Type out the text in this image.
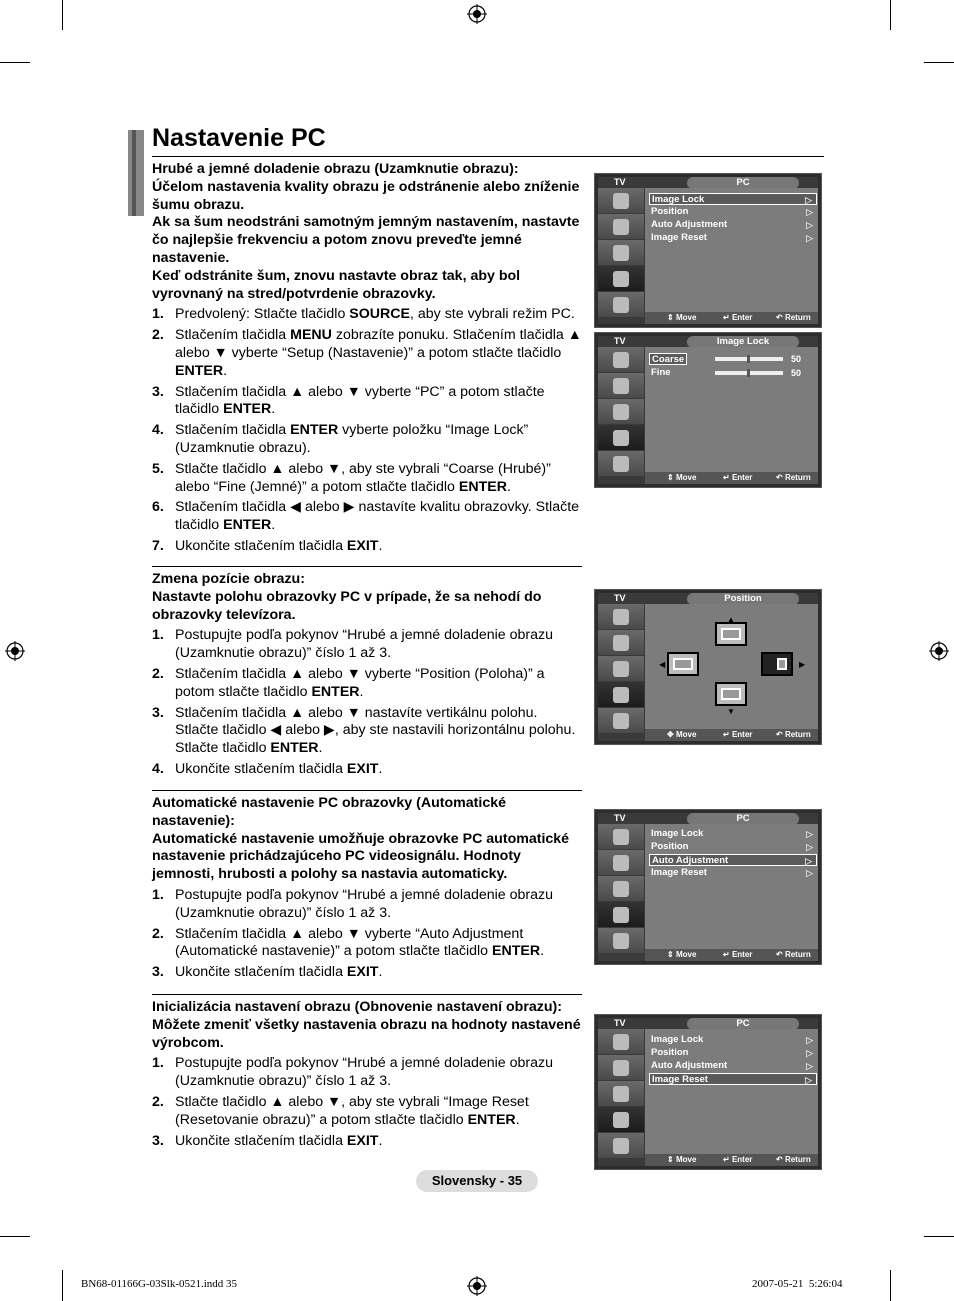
Nastavenie PC

Hrubé a jemné doladenie obrazu (Uzamknutie obrazu):

Účelom nastavenia kvality obrazu je odstránenie alebo zníženie šumu obrazu.

Ak sa šum neodstráni samotným jemným nastavením, nastavte čo najlepšie frekvenciu a potom znovu preveďte jemné nastavenie.

Keď odstránite šum, znovu nastavte obraz tak, aby bol vyrovnaný na stred/potvrdenie obrazovky.

1. Predvolený: Stlačte tlačidlo SOURCE, aby ste vybrali režim PC.
2. Stlačením tlačidla MENU zobrazíte ponuku. Stlačením tlačidla ▲ alebo ▼ vyberte “Setup (Nastavenie)” a potom stlačte tlačidlo ENTER.
3. Stlačením tlačidla ▲ alebo ▼ vyberte “PC” a potom stlačte tlačidlo ENTER.
4. Stlačením tlačidla ENTER vyberte položku “Image Lock” (Uzamknutie obrazu).
5. Stlačte tlačidlo ▲ alebo ▼, aby ste vybrali “Coarse (Hrubé)” alebo “Fine (Jemné)” a potom stlačte tlačidlo ENTER.
6. Stlačením tlačidla ◀ alebo ▶ nastavíte kvalitu obrazovky. Stlačte tlačidlo ENTER.
7. Ukončite stlačením tlačidla EXIT.

Zmena pozície obrazu:

Nastavte polohu obrazovky PC v prípade, že sa nehodí do obrazovky televízora.

1. Postupujte podľa pokynov “Hrubé a jemné doladenie obrazu (Uzamknutie obrazu)” číslo 1 až 3.
2. Stlačením tlačidla ▲ alebo ▼ vyberte “Position (Poloha)” a potom stlačte tlačidlo ENTER.
3. Stlačením tlačidla ▲ alebo ▼ nastavíte vertikálnu polohu. Stlačte tlačidlo ◀ alebo ▶, aby ste nastavili horizontálnu polohu. Stlačte tlačidlo ENTER.
4. Ukončite stlačením tlačidla EXIT.

Automatické nastavenie PC obrazovky (Automatické nastavenie):

Automatické nastavenie umožňuje obrazovke PC automatické nastavenie prichádzajúceho PC videosignálu. Hodnoty jemnosti, hrubosti a polohy sa nastavia automaticky.

1. Postupujte podľa pokynov “Hrubé a jemné doladenie obrazu (Uzamknutie obrazu)” číslo 1 až 3.
2. Stlačením tlačidla ▲ alebo ▼ vyberte “Auto Adjustment (Automatické nastavenie)” a potom stlačte tlačidlo ENTER.
3. Ukončite stlačením tlačidla EXIT.

Inicializácia nastavení obrazu (Obnovenie nastavení obrazu):

Môžete zmeniť všetky nastavenia obrazu na hodnoty nastavené výrobcom.

1. Postupujte podľa pokynov “Hrubé a jemné doladenie obrazu (Uzamknutie obrazu)” číslo 1 až 3.
2. Stlačte tlačidlo ▲ alebo ▼, aby ste vybrali “Image Reset (Resetovanie obrazu)” a potom stlačte tlačidlo ENTER.
3. Ukončite stlačením tlačidla EXIT.
TV	PC
Image Lock	▷
Position	▷
Auto Adjustment	▷
Image Reset	▷
⇕ Move	↵ Enter	↶ Return
TV	Image Lock
Coarse	50
Fine	50
⇕ Move	↵ Enter	↶ Return
TV	Position
▲
◀	▶
▼
✥ Move	↵ Enter	↶ Return
TV	PC
Image Lock	▷
Position	▷
Auto Adjustment	▷
Image Reset	▷
⇕ Move	↵ Enter	↶ Return
TV	PC
Image Lock	▷
Position	▷
Auto Adjustment	▷
Image Reset	▷
⇕ Move	↵ Enter	↶ Return
Slovensky - 35
BN68-01166G-03Slk-0521.indd 35	2007-05-21 ︎︎ 5:26:04
